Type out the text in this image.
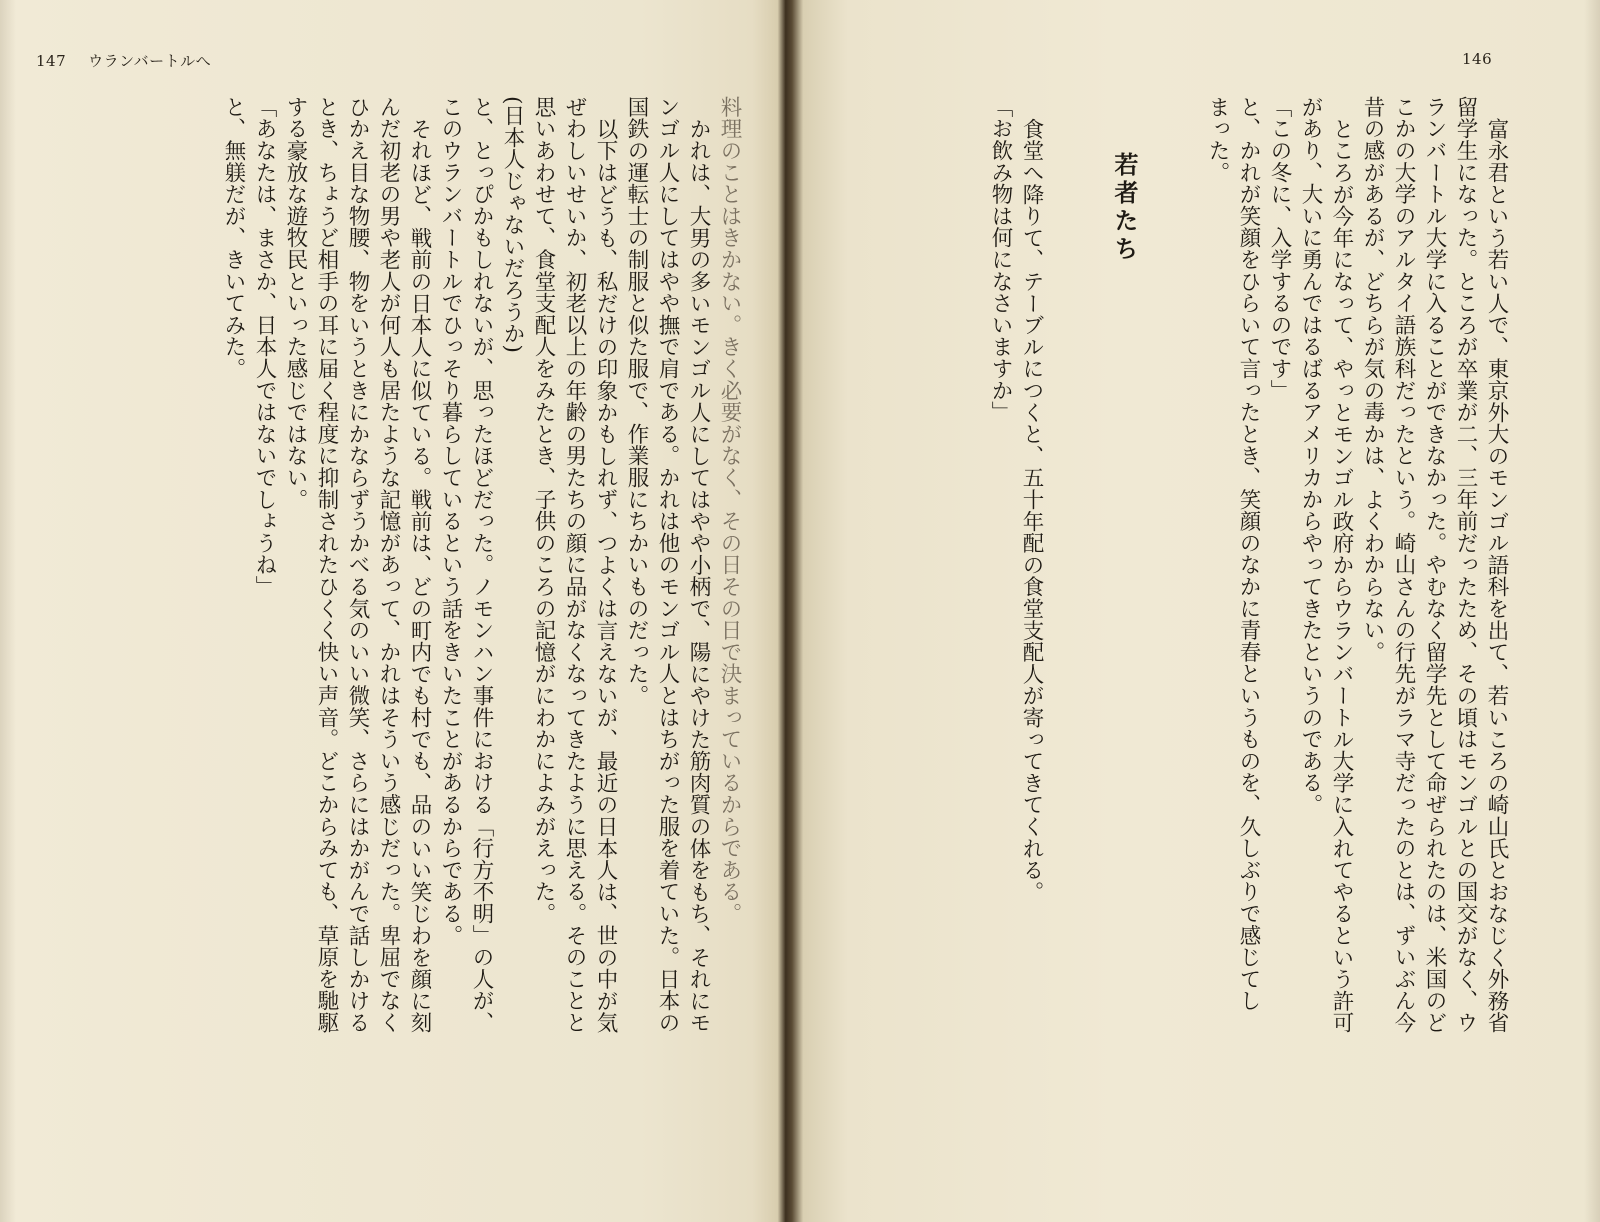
147 ウランバートルへ

料理のことはきかない。きく必要がなく、その日その日で決まっているからである。

かれは、大男の多いモンゴル人にしてはやや小柄で、陽にやけた筋肉質の体をもち、それにモ

ンゴル人にしてはやや撫で肩である。かれは他のモンゴル人とはちがった服を着ていた。日本の

国鉄の運転士の制服と似た服で、作業服にちかいものだった。

以下はどうも、私だけの印象かもしれず、つよくは言えないが、最近の日本人は、世の中が気

ぜわしいせいか、初老以上の年齢の男たちの顔に品がなくなってきたように思える。そのことと

思いあわせて、食堂支配人をみたとき、子供のころの記憶がにわかによみがえった。

(日本人じゃないだろうか)

と、とっぴかもしれないが、思ったほどだった。ノモンハン事件における「行方不明」の人が、

このウランバートルでひっそり暮らしているという話をきいたことがあるからである。

それほど、戦前の日本人に似ている。戦前は、どの町内でも村でも、品のいい笑じわを顔に刻

んだ初老の男や老人が何人も居たような記憶があって、かれはそういう感じだった。卑屈でなく

ひかえ目な物腰、物をいうときにかならずうかべる気のいい微笑、さらにはかがんで話しかける

とき、ちょうど相手の耳に届く程度に抑制されたひくく快い声音。どこからみても、草原を馳駆

する豪放な遊牧民といった感じではない。

「あなたは、まさか、日本人ではないでしょうね」

と、無躾だが、きいてみた。

146

富永君という若い人で、東京外大のモンゴル語科を出て、若いころの崎山氏とおなじく外務省

留学生になった。ところが卒業が二、三年前だったため、その頃はモンゴルとの国交がなく、ウ

ランバートル大学に入ることができなかった。やむなく留学先として命ぜられたのは、米国のど

こかの大学のアルタイ語族科だったという。崎山さんの行先がラマ寺だったのとは、ずいぶん今

昔の感があるが、どちらが気の毒かは、よくわからない。

ところが今年になって、やっとモンゴル政府からウランバートル大学に入れてやるという許可

があり、大いに勇んではるばるアメリカからやってきたというのである。

「この冬に、入学するのです」

と、かれが笑顔をひらいて言ったとき、笑顔のなかに青春というものを、久しぶりで感じてし

まった。

若者たち

食堂へ降りて、テーブルにつくと、五十年配の食堂支配人が寄ってきてくれる。

「お飲み物は何になさいますか」
